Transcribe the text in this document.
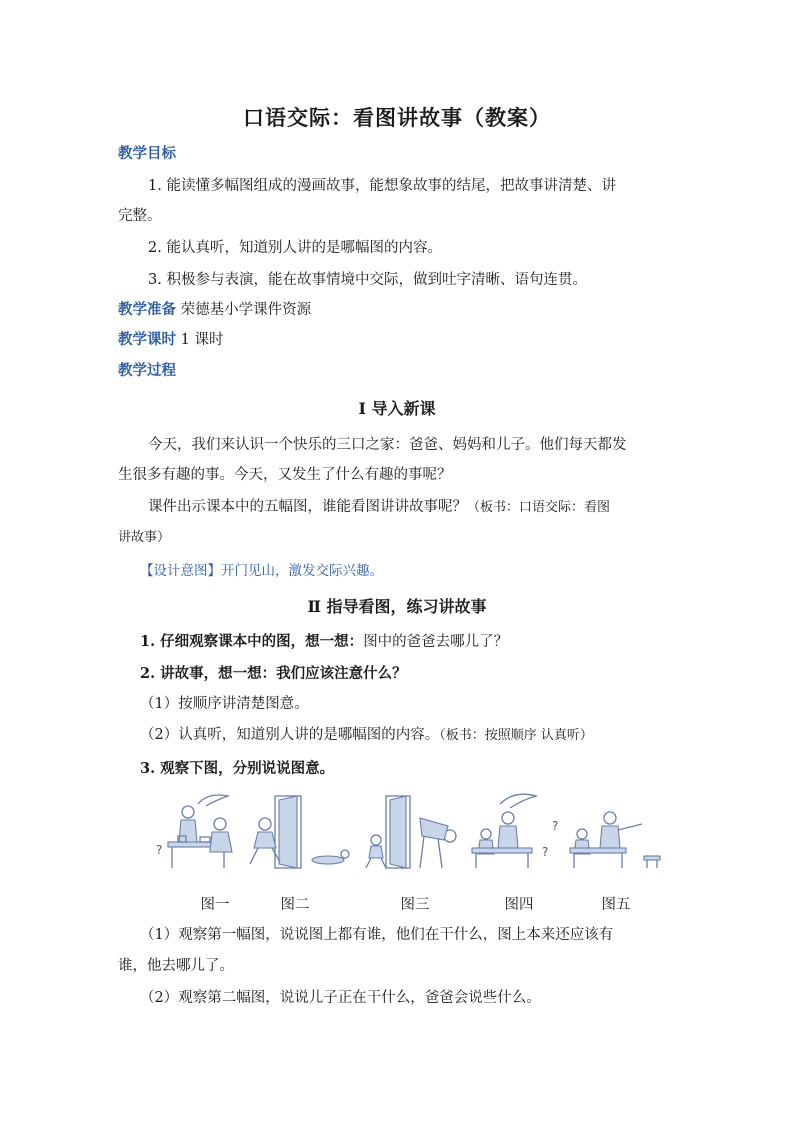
口语交际：看图讲故事（教案）
教学目标
1. 能读懂多幅图组成的漫画故事，能想象故事的结尾，把故事讲清楚、讲
完整。
2. 能认真听，知道别人讲的是哪幅图的内容。
3. 积极参与表演，能在故事情境中交际，做到吐字清晰、语句连贯。
教学准备 荣德基小学课件资源
教学课时 1 课时
教学过程
Ⅰ 导入新课
今天，我们来认识一个快乐的三口之家：爸爸、妈妈和儿子。他们每天都发
生很多有趣的事。今天，又发生了什么有趣的事呢？
课件出示课本中的五幅图，谁能看图讲讲故事呢？（板书：口语交际：看图
讲故事）
【设计意图】开门见山，激发交际兴趣。
Ⅱ 指导看图，练习讲故事
1. 仔细观察课本中的图，想一想：图中的爸爸去哪儿了？
2. 讲故事，想一想：我们应该注意什么？
（1）按顺序讲清楚图意。
（2）认真听，知道别人讲的是哪幅图的内容。（板书：按照顺序 认真听）
3. 观察下图，分别说说图意。
?	?
?
图一	图二	图三	图四	图五
（1）观察第一幅图，说说图上都有谁，他们在干什么，图上本来还应该有
谁，他去哪儿了。
（2）观察第二幅图，说说儿子正在干什么，爸爸会说些什么。
